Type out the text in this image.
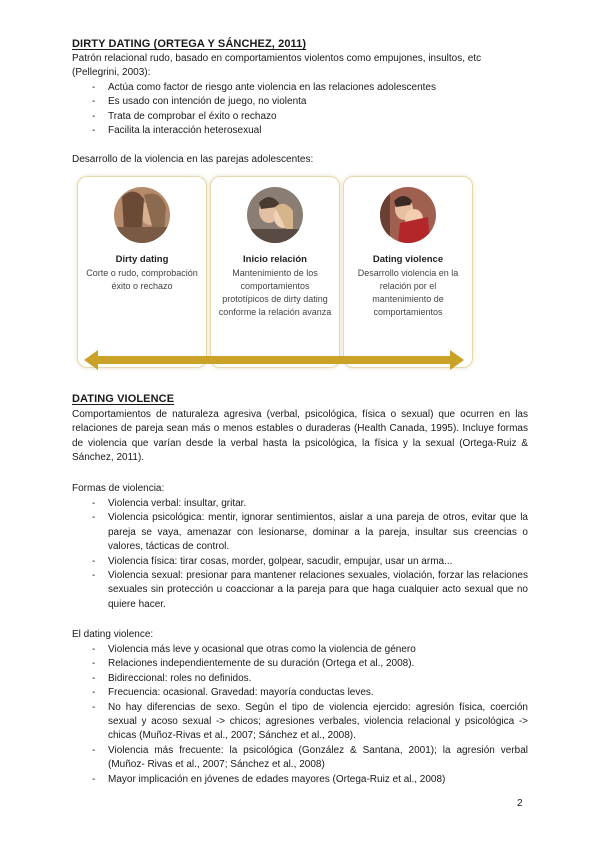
DIRTY DATING (ORTEGA Y SÁNCHEZ, 2011)
Patrón relacional rudo, basado en comportamientos violentos como empujones, insultos, etc
(Pellegrini, 2003):
- Actúa como factor de riesgo ante violencia en las relaciones adolescentes
- Es usado con intención de juego, no violenta
- Trata de comprobar el éxito o rechazo
- Facilita la interacción heterosexual
Desarrollo de la violencia en las parejas adolescentes:
Dirty dating
Corte o rudo, comprobación éxito o rechazo
Inicio relación
Mantenimiento de los comportamientos prototípicos de dirty dating conforme la relación avanza
Dating violence
Desarrollo violencia en la relación por el mantenimiento de comportamientos
DATING VIOLENCE
Comportamientos de naturaleza agresiva (verbal, psicológica, física o sexual) que ocurren en las relaciones de pareja sean más o menos estables o duraderas (Health Canada, 1995). Incluye formas de violencia que varían desde la verbal hasta la psicológica, la física y la sexual (Ortega-Ruiz & Sánchez, 2011).
Formas de violencia:
- Violencia verbal: insultar, gritar.
- Violencia psicológica: mentir, ignorar sentimientos, aislar a una pareja de otros, evitar que la pareja se vaya, amenazar con lesionarse, dominar a la pareja, insultar sus creencias o valores, tácticas de control.
- Violencia física: tirar cosas, morder, golpear, sacudir, empujar, usar un arma...
- Violencia sexual: presionar para mantener relaciones sexuales, violación, forzar las relaciones sexuales sin protección u coaccionar a la pareja para que haga cualquier acto sexual que no quiere hacer.
El dating violence:
- Violencia más leve y ocasional que otras como la violencia de género
- Relaciones independientemente de su duración (Ortega et al., 2008).
- Bidireccional: roles no definidos.
- Frecuencia: ocasional. Gravedad: mayoría conductas leves.
- No hay diferencias de sexo. Según el tipo de violencia ejercido: agresión física, coerción sexual y acoso sexual -> chicos; agresiones verbales, violencia relacional y psicológica -> chicas (Muñoz-Rivas et al., 2007; Sánchez et al., 2008).
- Violencia más frecuente: la psicológica (González & Santana, 2001); la agresión verbal (Muñoz- Rivas et al., 2007; Sánchez et al., 2008)
- Mayor implicación en jóvenes de edades mayores (Ortega-Ruiz et al., 2008)
2
